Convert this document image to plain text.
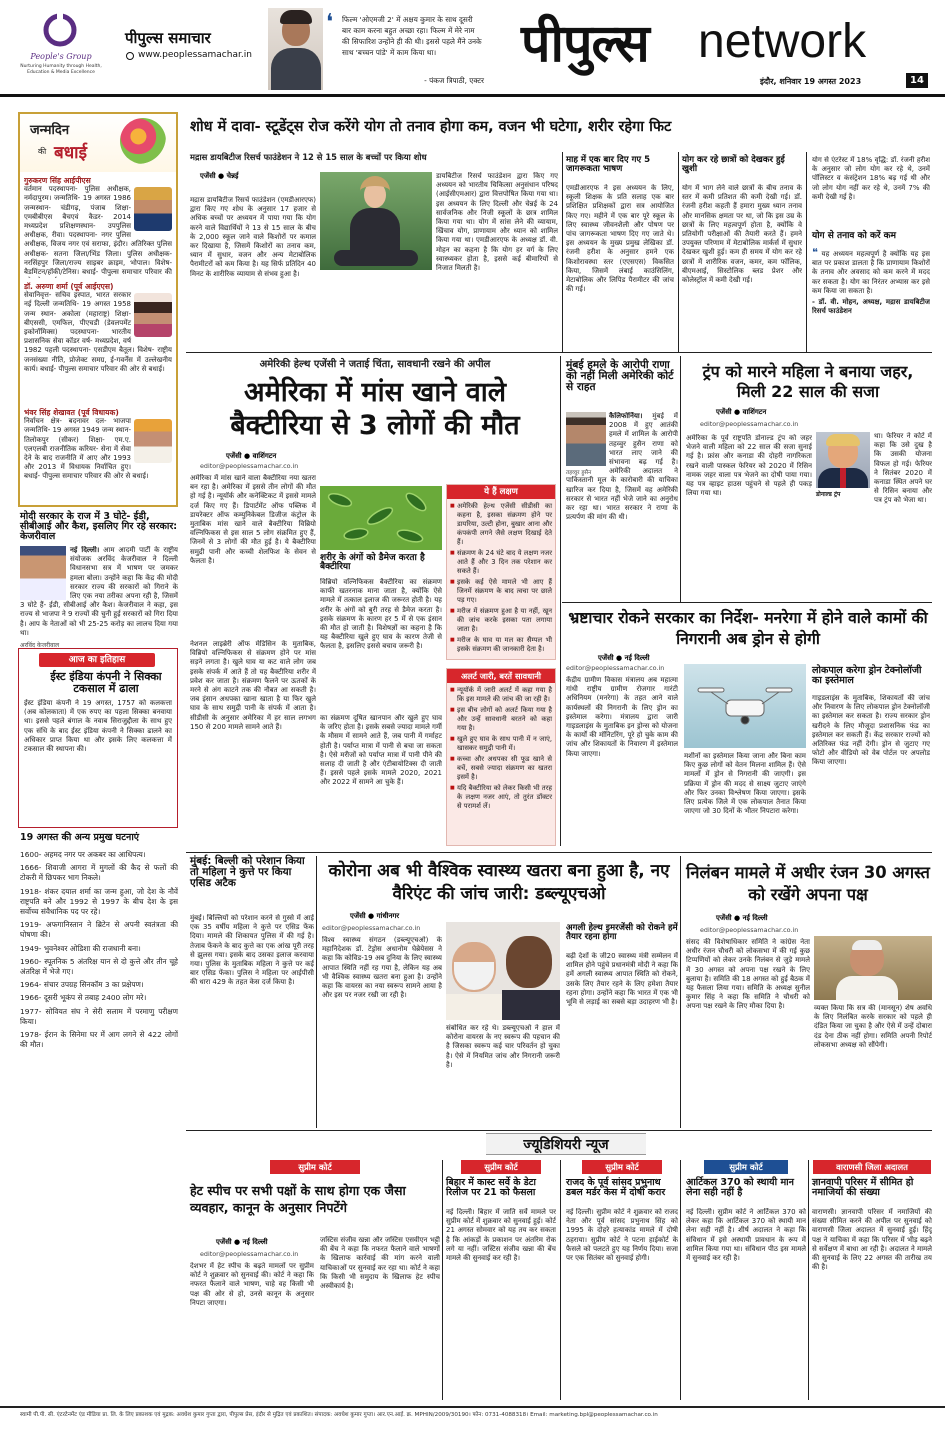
People's Group
Nurturing Humanity through Health, Education & Media Excellence
पीपुल्स समाचार
www.peoplessamachar.in
❛ फिल्म 'ओएमजी 2' में अक्षय कुमार के साथ दूसरी बार काम करना बहुत अच्छा रहा। फिल्म में मेरे नाम की सिफारिश उन्होंने ही की थी। इससे पहले मैंने उनके साथ 'बच्चन पांडे' में काम किया था।
- पंकज त्रिपाठी, एक्टर
पीपुल्स network
इंदौर, शनिवार 19 अगस्त 2023	14
जन्मदिन
की बधाई
गुरुकरण सिंह आईपीएस
वर्तमान पदस्थापना- पुलिस अधीक्षक, नर्मदापुरम। जन्मतिथि- 19 अगस्त 1986 जन्मस्थान- चंडीगढ़, पंजाब शिक्षा- एमबीबीएस बैचएवं कैडर- 2014 मध्यप्रदेश प्रशिक्षणस्थान- उपपुलिस अधीक्षक, रीवा। पदस्थापना- नगर पुलिस अधीक्षक, विजय नगर एवं सराफा, इंदौर। अतिरिक्त पुलिस अधीक्षक- सतना जिला/भिंड जिला। पुलिस अधीक्षक- नरसिंहपुर जिला/राज्य साइबर क्राइम, भोपाल। विशेष- बैडमिंटन/हॉकी/टेनिस। बधाई- पीपुल्स समाचार परिवार की
डॉ. अरुणा शर्मा (पूर्व आईएएस)
सेवानिवृत्त- सचिव इस्पात, भारत सरकार नई दिल्ली जन्मतिथि- 19 अगस्त 1958 जन्म स्थान- अकोला (महाराष्ट्र) शिक्षा- बीएससी, एमफिल, पीएचडी (डेवलपमेंट इकोनॉमिक्स) पदस्थापना- भारतीय प्रशासनिक सेवा कॉडर वर्ष- मध्यप्रदेश, वर्ष 1982 पहली पदस्थापना- एसडीएम बैतूल। विशेष- राष्ट्रीय जनसंख्या नीति, प्रोजेक्ट समग्र, ई-गवर्नेंस में उल्लेखनीय कार्य। बधाई- पीपुल्स समाचार परिवार की ओर से बधाई।
भंवर सिंह शेखावत (पूर्व विधायक)
निर्वाचन क्षेत्र- बदनावर दल- भाजपा जन्मतिथि- 19 अगस्त 1949 जन्म स्थान- तिलोकपुर (सीकर) शिक्षा- एम.ए. एलएलबी राजनीतिक करियर- सेना में सेवा देने के बाद राजनीति में आए और 1993 और 2013 में विधायक निर्वाचित हुए। बधाई- पीपुल्स समाचार परिवार की ओर से बधाई।
मोदी सरकार के राज में 3 घोटे- ईडी, सीबीआई और कैश, इसलिए गिर रहे सरकार: केजरीवाल
नई दिल्ली। आम आदमी पार्टी के राष्ट्रीय संयोजक अरविंद केजरीवाल ने दिल्ली विधानसभा सत्र में भाषण पर जमकर हमला बोला। उन्होंने कहा कि केंद्र की मोदी सरकार राज्य की सरकारों को गिराने के लिए एक नया तरीका अपना रही है, जिसमें 3 घोटे हैं- ईडी, सीबीआई और कैश। केजरीवाल ने कहा, इस राज्य से भाजपा ने 9 राज्यों की चुनी हुई सरकारों को गिरा दिया है। आप के नेताओं को भी 25-25 करोड़ का लालच दिया गया था।
अरविंद केजरीवाल
आज का इतिहास
ईस्ट इंडिया कंपनी ने सिक्का टकसाल में ढाला
ईस्ट इंडिया कंपनी ने 19 अगस्त, 1757 को कलकत्ता (अब कोलकाता) में एक रुपए का पहला सिक्का बनवाया था। इससे पहले बंगाल के नवाब सिराजुद्दौला के साथ हुए एक संधि के बाद ईस्ट इंडिया कंपनी ने सिक्का ढालने का अधिकार प्राप्त किया था और इसके लिए कलकत्ता में टकसाल की स्थापना की।
19 अगस्त की अन्य प्रमुख घटनाएं
1600- अहमद नगर पर अकबर का आधिपत्य।
1666- शिवाजी आगरा में मुगलों की कैद से फलों की टोकरी में छिपकर भाग निकले।
1918- शंकर दयाल शर्मा का जन्म हुआ, जो देश के नौवें राष्ट्रपति बने और 1992 से 1997 के बीच देश के इस सर्वोच्च संवैधानिक पद पर रहे।
1919- अफगानिस्तान ने ब्रिटेन से अपनी स्वतंत्रता की घोषणा की।
1949- भुवनेश्वर ओडिशा की राजधानी बना।
1960- स्पूतनिक 5 अंतरिक्ष यान से दो कुत्ते और तीन चूहे अंतरिक्ष में भेजे गए।
1964- संचार उपग्रह सिनकॉम 3 का प्रक्षेपण।
1966- दूसरी भूकंप से तबाह 2400 लोग मरे।
1977- सोवियत संघ ने सेरी सलाम में परमाणु परीक्षण किया।
1978- ईरान के सिनेमा घर में आग लगने से 422 लोगों की मौत।
शोध में दावा- स्टूडेंट्स रोज करेंगे योग तो तनाव होगा कम, वजन भी घटेगा, शरीर रहेगा फिट
मद्रास डायबिटीज रिसर्च फाउंडेशन ने 12 से 15 साल के बच्चों पर किया शोध
एजेंसी ● चेन्नई
मद्रास डायबिटीज रिसर्च फाउंडेशन (एमडीआरएफ) द्वारा किए गए शोध के अनुसार 17 हजार से अधिक बच्चों पर अध्ययन में पाया गया कि योग करने वाले विद्यार्थियों ने 13 से 15 साल के बीच के 2,000 स्कूल जाने वाले किशोरों पर कमाल कर दिखाया है, जिसमें किशोरों का तनाव कम, ध्यान में सुधार, वजन और अन्य मेटाबोलिक पैरामीटरों को कम किया है। यह सिर्फ प्रतिदिन 40 मिनट के शारीरिक व्यायाम से संभव हुआ है।
डायबिटीज रिसर्च फाउंडेशन द्वारा किए गए अध्ययन को भारतीय चिकित्सा अनुसंधान परिषद (आईसीएमआर) द्वारा वित्तपोषित किया गया था। इस अध्ययन के लिए दिल्ली और चेन्नई के 24 सार्वजनिक और निजी स्कूलों के छात्र शामिल किया गया था। योग में सांस लेने की व्यायाम, खिंचाव योग, प्राणायाम और ध्यान को शामिल किया गया था। एमडीआरएफ के अध्यक्ष डॉ. वी. मोहन का कहना है कि योग हर वर्ग के लिए स्वास्थ्यकर होता है, इससे कई बीमारियों से निजात मिलती है।
माह में एक बार दिए गए 5 जागरूकता भाषण
एमडीआरएफ ने इस अध्ययन के लिए, स्कूली शिक्षक के प्रति सलाह एक बार प्रशिक्षित प्रशिक्षकों द्वारा सत्र आयोजित किए गए। महीने में एक बार पूरे स्कूल के लिए स्वास्थ्य जीवनशैली और पोषण पर पांच जागरूकता भाषण दिए गए जाते थे। इस अध्ययन के मुख्य प्रमुख लेखिका डॉ. रंजनी हरीश के अनुसार हमने एक किशोरावस्था स्तर (एएसएस) विकसित किया, जिसमें लंबाई काउंसिलिंग, मेटाबोलिक और लिपिड पैरामीटर की जांच की गई।
योग कर रहे छात्रों को देखकर हुई खुशी
योग में भाग लेने वाले छात्रों के बीच तनाव के स्तर में कमी प्रतिशत की कमी देखी गई। डॉ. रंजनी हरीश कहती हैं हमारा मुख्य ध्यान तनाव और मानसिक क्षमता पर था, जो कि इस उम्र के छात्रों के लिए महत्वपूर्ण होता है, क्योंकि वे प्रतियोगी परीक्षाओं की तैयारी करते हैं। हमने उपयुक्त परिणाम में मेटाबोलिक मार्कर्स में सुधार देखकर खुशी हुई। कम ही समय में योग कर रहे छात्रों में शारीरिक वजन, कमर, कम फॉलिक, बीएमआई, सिस्टोलिक ब्लड प्रेशर और कोलेस्ट्रॉल में कमी देखी गई।
योग से एंटरेस्ट में 18% वृद्धि: डॉ. रंजनी हरीश के अनुसार जो लोग योग कर रहे थे, उनमें पॉलिस्टर व कंसंट्रेशन 18% बढ़ गई थी और जो लोग योग नहीं कर रहे थे, उनमें 7% की कमी देखी गई है।
योग से तनाव को करें कम
❝ यह अध्ययन महत्वपूर्ण है क्योंकि यह इस बात पर प्रकाश डालता है कि प्राणायाम किशोरों के तनाव और अवसाद को कम करने में मदद कर सकता है। योग का निरंतर अभ्यास कर इसे कम किया जा सकता है।
- डॉ. वी. मोहन, अध्यक्ष, मद्रास डायबिटीज रिसर्च फाउंडेशन
अमेरिकी हेल्थ एजेंसी ने जताई चिंता, सावधानी रखने की अपील
अमेरिका में मांस खाने वाले बैक्टीरिया से 3 लोगों की मौत
एजेंसी ● वाशिंगटन
editor@peoplessamachar.co.in
अमेरिका में मांस खाने वाला बैक्टीरिया नया खतरा बन रहा है। अमेरिका में इससे तीन लोगों की मौत हो गई है। न्यूयॉर्क और कनेक्टिकट में इससे मामले दर्ज किए गए हैं। डिपार्टमेंट ऑफ पब्लिक में डायरेक्टर ऑफ कम्युनिकेबल डिजीज कंट्रोल के मुताबिक मांस खाने वाले बैक्टीरिया विब्रियो वल्निफिकस से इस साल 5 लोग संक्रमित हुए हैं, जिनमें से 3 लोगों की मौत हुई है। ये बैक्टीरिया समुद्री पानी और कच्ची शेलफिश के सेवन से फैलता है।
नेशनल लाइब्रेरी ऑफ मेडिसिन के मुताबिक, विब्रियो वल्निफिकस से संक्रमण होने पर मांस सड़ने लगता है। खुले घाव या कट वाले लोग जब इसके संपर्क में आते हैं तो यह बैक्टीरिया शरीर में प्रवेश कर जाता है। संक्रमण फैलने पर ऊतकों के मरने से अंग काटने तक की नौबत आ सकती है। जब इंसान अधपका खाना खाता है या फिर खुले घाव के साथ समुद्री पानी के संपर्क में आता है। सीडीसी के अनुसार अमेरिका में हर साल लगभग 150 से 200 मामले सामने आते हैं।
शरीर के अंगों को डैमेज करता है बैक्टीरिया
विब्रियो वल्निफिकस बैक्टीरिया का संक्रमण काफी खतरनाक माना जाता है, क्योंकि ऐसे मामले में तत्काल इलाज की जरूरत होती है। यह शरीर के अंगों को बुरी तरह से डैमेज करता है। इसके संक्रमण के कारण हर 5 में से एक इंसान की मौत हो जाती है। विशेषज्ञों का कहना है कि यह बैक्टीरिया खुले हुए घाव के कारण तेजी से फैलता है, इसलिए इससे बचाव जरूरी है।
का संक्रमण दूषित खानपान और खुले हुए घाव के जरिए होता है। इसके सबसे ज्यादा मामले गर्मी के मौसम में सामने आते हैं, जब पानी में गर्माहट होती है। पर्याप्त मात्रा में पानी से बचा जा सकता है। ऐसे मरीजों को पर्याप्त मात्रा में पानी पीने की सलाह दी जाती है और एंटीबायोटिक्स दी जाती हैं। इससे पहले इसके मामले 2020, 2021 और 2022 में सामने आ चुके हैं।
ये हैं लक्षण
■ अमेरिकी हेल्थ एजेंसी सीडीसी का कहना है, इसका संक्रमण होने पर डायरिया, उल्टी होना, बुखार आना और कंपकंपी लगने जैसे लक्षण दिखाई देते हैं।
■ संक्रमण के 24 घंटे बाद ये लक्षण नजर आते हैं और 3 दिन तक परेशान कर सकते हैं।
■ इसके कई ऐसे मामले भी आए हैं जिनमें संक्रमण के बाद त्वचा पर छाले पड़ गए।
■ मरीज में संक्रमण हुआ है या नहीं, खून की जांच करके इसका पता लगाया जाता है।
■ मरीज के घाव या मल का सैम्पल भी इसके संक्रमण की जानकारी देता है।
अलर्ट जारी, बरतें सावधानी
■ न्यूयॉर्क में जारी अलर्ट में कहा गया है कि इस मामले की जांच की जा रही है।
■ इस बीच लोगों को अलर्ट किया गया है और उन्हें सावधानी बरतने को कहा गया है।
■ खुले हुए घाव के साथ पानी में न जाएं, खासकर समुद्री पानी में।
■ कच्चा और अधपका सी फूड खाने से बचें, सबसे ज्यादा संक्रमण का खतरा इसमें है।
■ यदि बैक्टीरिया को लेकर किसी भी तरह के लक्षण नजर आएं, तो तुरंत डॉक्टर से परामर्श लें।
मुंबई हमले के आरोपी राणा को नहीं मिली अमेरिकी कोर्ट से राहत
कैलिफोर्निया। मुंबई में 2008 में हुए आतंकी हमले में शामिल के आरोपी तहव्वुर हुसैन राणा को भारत लाए जाने की संभावना बढ़ गई है। अमेरिकी अदालत ने पाकिस्तानी मूल के कारोबारी की याचिका खारिज कर दिया है, जिसमें वह अमेरिकी सरकार से भारत नहीं भेजे जाने का अनुरोध कर रहा था। भारत सरकार ने राणा के प्रत्यर्पण की मांग की थी।
तहव्वुर हुसैन
ट्रंप को मारने महिला ने बनाया जहर, मिली 22 साल की सजा
एजेंसी ● वाशिंगटन
editor@peoplessamachar.co.in
अमेरिका के पूर्व राष्ट्रपति डोनाल्ड ट्रंप को जहर भेजने वाली महिला को 22 साल की सजा सुनाई गई है। फ्रांस और कनाडा की दोहरी नागरिकता रखने वाली पास्कल फेरियर को 2020 में रिसिन नामक जहर वाला पत्र भेजने का दोषी पाया गया। यह पत्र व्हाइट हाउस पहुंचने से पहले ही पकड़ लिया गया था।	डोनाल्ड ट्रंप
था। फेरियर ने कोर्ट में कहा कि उसे दुख है कि उसकी योजना विफल हो गई। फेरियर ने सितंबर 2020 में कनाडा स्थित अपने घर से रिसिन बनाया और पत्र ट्रंप को भेजा था।
भ्रष्टाचार रोकने सरकार का निर्देश- मनरेगा में होने वाले कामों की निगरानी अब ड्रोन से होगी
एजेंसी ● नई दिल्ली
editor@peoplessamachar.co.in
केंद्रीय ग्रामीण विकास मंत्रालय अब महात्मा गांधी राष्ट्रीय ग्रामीण रोजगार गारंटी अधिनियम (मनरेगा) के तहत आने वाले कार्यस्थलों की निगरानी के लिए ड्रोन का इस्तेमाल करेगा। मंत्रालय द्वारा जारी गाइडलाइंस के मुताबिक इन ड्रोन्स को योजना के कार्यों की मॉनिटरिंग, पूरे हो चुके काम की जांच और शिकायतों के निवारण में इस्तेमाल किया जाएगा।	मशीनों का इस्तेमाल किया जाना और बिना काम किए कुछ लोगों को वेतन मिलना शामिल हैं। ऐसे मामलों में ड्रोन से निगरानी की जाएगी। इस प्रक्रिया में ड्रोन की मदद से साक्ष्य जुटाए जाएंगे और फिर उनका विश्लेषण किया जाएगा। इसके लिए प्रत्येक जिले में एक लोकपाल तैनात किया जाएगा जो 30 दिनों के भीतर निपटारा करेगा।
लोकपाल करेगा ड्रोन टेक्नोलॉजी का इस्तेमाल
गाइडलाइंस के मुताबिक, शिकायतों की जांच और निवारण के लिए लोकपाल ड्रोन टेक्नोलॉजी का इस्तेमाल कर सकता है। राज्य सरकार ड्रोन खरीदने के लिए मौजूदा प्रशासनिक फंड का इस्तेमाल कर सकती हैं। केंद्र सरकार राज्यों को अतिरिक्त फंड नहीं देगी। ड्रोन से जुटाए गए फोटो और वीडियो को वेब पोर्टल पर अपलोड किया जाएगा।
मुंबई: बिल्ली को परेशान किया तो महिला ने कुत्ते पर किया एसिड अटैक
मुंबई। बिल्लियों को परेशान करने से गुस्से में आई एक 35 वर्षीय महिला ने कुत्ते पर एसिड फेंक दिया। मामले की शिकायत पुलिस में की गई है। तेजाब फेंकने के बाद कुत्ते का एक आंख पूरी तरह से झुलस गया। इसके बाद उसका इलाज करवाया गया। पुलिस के मुताबिक महिला ने कुत्ते पर कई बार एसिड फेंका। पुलिस ने महिला पर आईपीसी की धारा 429 के तहत केस दर्ज किया है।
कोरोना अब भी वैश्विक स्वास्थ्य खतरा बना हुआ है, नए वैरिएंट की जांच जारी: डब्ल्यूएचओ
एजेंसी ● गांधीनगर
editor@peoplessamachar.co.in
विश्व स्वास्थ्य संगठन (डब्ल्यूएचओ) के महानिदेशक डॉ. टेड्रोस अधानोम घेब्रेयेसस ने कहा कि कोविड-19 अब दुनिया के लिए स्वास्थ्य आपात स्थिति नहीं रह गया है, लेकिन यह अब भी वैश्विक स्वास्थ्य खतरा बना हुआ है। उन्होंने कहा कि वायरस का नया स्वरूप सामने आया है और इस पर नजर रखी जा रही है।
संबोधित कर रहे थे। डब्ल्यूएचओ ने हाल में कोरोना वायरस के नए स्वरूप की पहचान की है जिसका स्वरूप कई चार परिवर्तन हो चुका है। ऐसे में नियमित जांच और निगरानी जरूरी है।
अगली हेल्थ इमरजेंसी को रोकने हमें तैयार रहना होगा
बढ़ी देशों के जी20 स्वास्थ्य मंत्री सम्मेलन में शामिल होने पहुंचे प्रधानमंत्री मोदी ने कहा कि हमें अगली स्वास्थ्य आपात स्थिति को रोकने, उसके लिए तैयार रहने के लिए हमेशा तैयार रहना होगा। उन्होंने कहा कि भारत में एक भी भूमि से लड़ाई का सबसे बड़ा उदाहरण भी है।
निलंबन मामले में अधीर रंजन 30 अगस्त को रखेंगे अपना पक्ष
एजेंसी ● नई दिल्ली
editor@peoplessamachar.co.in
संसद की विशेषाधिकार समिति ने कांग्रेस नेता अधीर रंजन चौधरी को लोकसभा में की गई कुछ टिप्पणियों को लेकर उनके निलंबन से जुड़े मामले में 30 अगस्त को अपना पक्ष रखने के लिए बुलाया है। समिति की 18 अगस्त को हुई बैठक में यह फैसला लिया गया। समिति के अध्यक्ष सुनील कुमार सिंह ने कहा कि समिति ने चौधरी को अपना पक्ष रखने के लिए मौका दिया है।	व्यक्त किया कि सत्र की (मानसून) शेष अवधि के लिए निलंबित करके सरकार को पहले ही दंडित किया जा चुका है और ऐसे में उन्हें दोबारा दंड देना ठीक नहीं होगा। समिति अपनी रिपोर्ट लोकसभा अध्यक्ष को सौंपेगी।
ज्यूडिशियरी न्यूज
सुप्रीम कोर्ट
हेट स्पीच पर सभी पक्षों के साथ होगा एक जैसा व्यवहार, कानून के अनुसार निपटेंगे
एजेंसी ● नई दिल्ली
editor@peoplessamachar.co.in
देशभर में हेट स्पीच के बढ़ते मामलों पर सुप्रीम कोर्ट ने शुक्रवार को सुनवाई की। कोर्ट ने कहा कि नफरत फैलाने वाले भाषण, चाहे वह किसी भी पक्ष की ओर से हो, उनसे कानून के अनुसार निपटा जाएगा।
जस्टिस संजीव खन्ना और जस्टिस एसवीएन भट्टी की बेंच ने कहा कि नफरत फैलाने वाले भाषणों के खिलाफ कार्रवाई की मांग करने वाली याचिकाओं पर सुनवाई कर रहा था। कोर्ट ने कहा कि किसी भी समुदाय के खिलाफ हेट स्पीच अस्वीकार्य है।
सुप्रीम कोर्ट
बिहार में कास्ट सर्वे के डेटा रिलीज पर 21 को फैसला
नई दिल्ली। बिहार में जाति सर्वे मामले पर सुप्रीम कोर्ट में शुक्रवार को सुनवाई हुई। कोर्ट 21 अगस्त सोमवार को यह तय कर सकता है कि आंकड़ों के प्रकाशन पर अंतरिम रोक लगे या नहीं। जस्टिस संजीव खन्ना की बेंच मामले की सुनवाई कर रही है।
सुप्रीम कोर्ट
राजद के पूर्व सांसद प्रभुनाथ डबल मर्डर केस में दोषी करार
नई दिल्ली। सुप्रीम कोर्ट ने शुक्रवार को राजद नेता और पूर्व सांसद प्रभुनाथ सिंह को 1995 के दोहरे हत्याकांड मामले में दोषी ठहराया। सुप्रीम कोर्ट ने पटना हाईकोर्ट के फैसले को पलटते हुए यह निर्णय दिया। सजा पर एक सितंबर को सुनवाई होगी।
सुप्रीम कोर्ट
आर्टिकल 370 को स्थायी मान लेना सही नहीं है
नई दिल्ली। सुप्रीम कोर्ट ने आर्टिकल 370 को लेकर कहा कि आर्टिकल 370 को स्थायी मान लेना सही नहीं है। शीर्ष अदालत ने कहा कि संविधान में इसे अस्थायी प्रावधान के रूप में शामिल किया गया था। संविधान पीठ इस मामले में सुनवाई कर रही है।
वाराणसी जिला अदालत
ज्ञानवापी परिसर में सीमित हो नमाजियों की संख्या
वाराणसी। ज्ञानवापी परिसर में नमाजियों की संख्या सीमित करने की अपील पर सुनवाई को वाराणसी जिला अदालत में सुनवाई हुई। हिंदू पक्ष ने याचिका में कहा कि परिसर में भीड़ बढ़ने से सर्वेक्षण में बाधा आ रही है। अदालत ने मामले की सुनवाई के लिए 22 अगस्त की तारीख तय की है।
स्वामी पी.पी. सी. एंटरटेनमेंट एंड मीडिया प्रा. लि. के लिए प्रकाशक एवं मुद्रक: अवधेश कुमार गुप्ता द्वारा, पीपुल्स प्रेस, इंदौर से मुद्रित एवं प्रकाशित। संपादक: अवधेश कुमार गुप्ता। आर.एन.आई. क्र. MPHIN/2009/30190। फोन: 0731-4088318। Email: marketing.bpl@peoplessamachar.co.in
